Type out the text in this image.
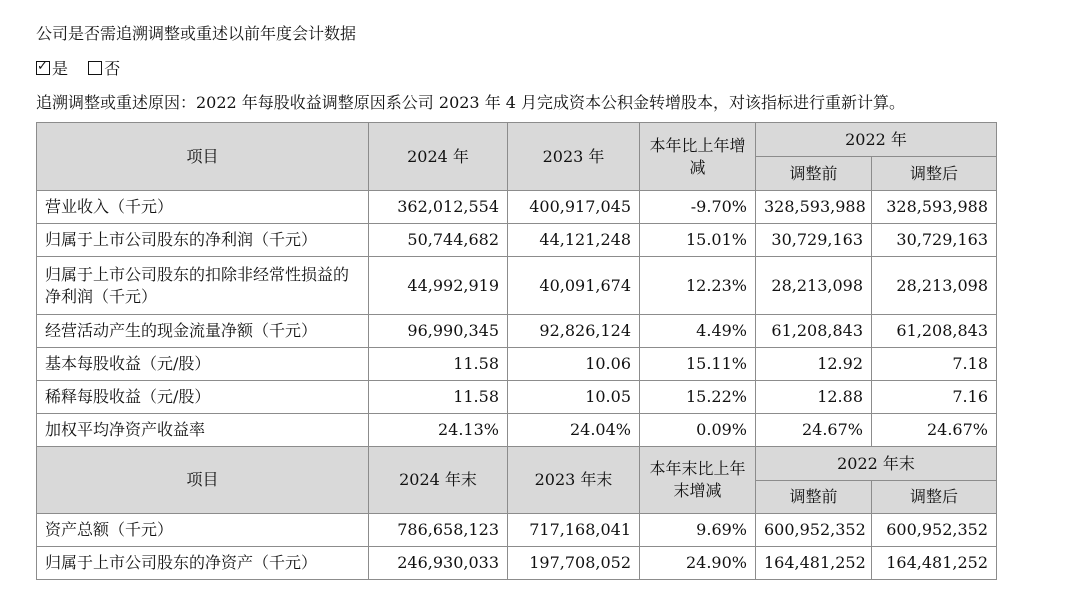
公司是否需追溯调整或重述以前年度会计数据
✓是 否
追溯调整或重述原因：2022 年每股收益调整原因系公司 2023 年 4 月完成资本公积金转增股本，对该指标进行重新计算。
项目	2024 年	2023 年	本年比上年增减	2022 年	
				调整前	调整后
营业收入（千元）	362,012,554	400,917,045	-9.70%	328,593,988	328,593,988
归属于上市公司股东的净利润（千元）	50,744,682	44,121,248	15.01%	30,729,163	30,729,163
归属于上市公司股东的扣除非经常性损益的净利润（千元）	44,992,919	40,091,674	12.23%	28,213,098	28,213,098
经营活动产生的现金流量净额（千元）	96,990,345	92,826,124	4.49%	61,208,843	61,208,843
基本每股收益（元/股）	11.58	10.06	15.11%	12.92	7.18
稀释每股收益（元/股）	11.58	10.05	15.22%	12.88	7.16
加权平均净资产收益率	24.13%	24.04%	0.09%	24.67%	24.67%
项目	2024 年末	2023 年末	本年末比上年末增减	2022 年末	
				调整前	调整后
资产总额（千元）	786,658,123	717,168,041	9.69%	600,952,352	600,952,352
归属于上市公司股东的净资产（千元）	246,930,033	197,708,052	24.90%	164,481,252	164,481,252
